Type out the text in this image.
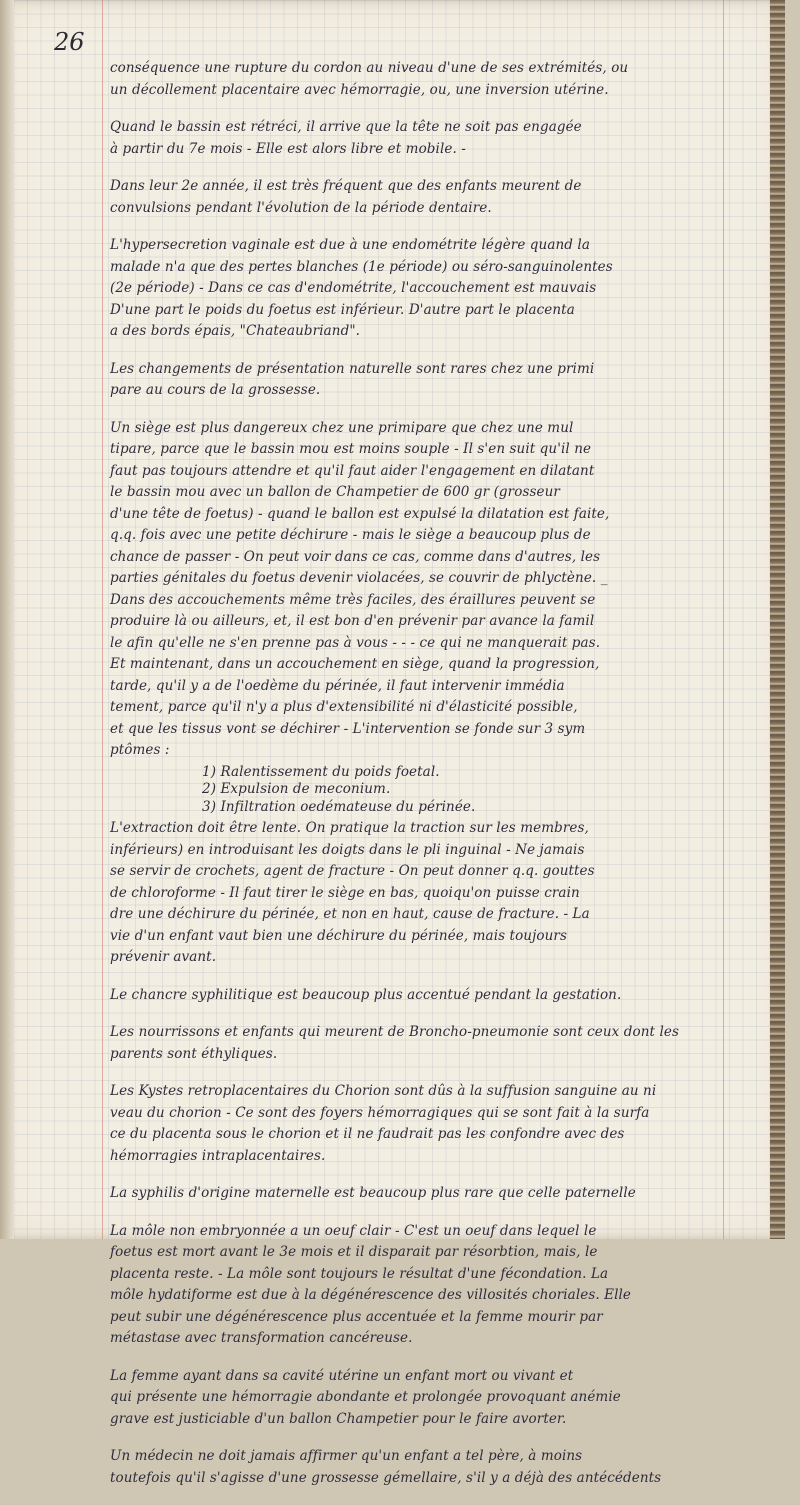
26

conséquence une rupture du cordon au niveau d'une de ses extrémités, ou
un décollement placentaire avec hémorragie, ou, une inversion utérine.

Quand le bassin est rétréci, il arrive que la tête ne soit pas engagée
à partir du 7e mois - Elle est alors libre et mobile. -

Dans leur 2e année, il est très fréquent que des enfants meurent de
convulsions pendant l'évolution de la période dentaire.

L'hypersecretion vaginale est due à une endométrite légère quand la
malade n'a que des pertes blanches (1e période) ou séro-sanguinolentes
(2e période) - Dans ce cas d'endométrite, l'accouchement est mauvais
D'une part le poids du foetus est inférieur. D'autre part le placenta
a des bords épais, "Chateaubriand".

Les changements de présentation naturelle sont rares chez une primi
pare au cours de la grossesse.

Un siège est plus dangereux chez une primipare que chez une mul
tipare, parce que le bassin mou est moins souple - Il s'en suit qu'il ne
faut pas toujours attendre et qu'il faut aider l'engagement en dilatant
le bassin mou avec un ballon de Champetier de 600 gr (grosseur
d'une tête de foetus) - quand le ballon est expulsé la dilatation est faite,
q.q. fois avec une petite déchirure - mais le siège a beaucoup plus de
chance de passer - On peut voir dans ce cas, comme dans d'autres, les
parties génitales du foetus devenir violacées, se couvrir de phlyctène. _
Dans des accouchements même très faciles, des éraillures peuvent se
produire là ou ailleurs, et, il est bon d'en prévenir par avance la famil
le afin qu'elle ne s'en prenne pas à vous - - - ce qui ne manquerait pas.
Et maintenant, dans un accouchement en siège, quand la progression,
tarde, qu'il y a de l'oedème du périnée, il faut intervenir immédia
tement, parce qu'il n'y a plus d'extensibilité ni d'élasticité possible,
et que les tissus vont se déchirer - L'intervention se fonde sur 3 sym
ptômes :

1) Ralentissement du poids foetal.
2) Expulsion de meconium.
3) Infiltration oedémateuse du périnée.

L'extraction doit être lente. On pratique la traction sur les membres,
inférieurs) en introduisant les doigts dans le pli inguinal - Ne jamais
se servir de crochets, agent de fracture - On peut donner q.q. gouttes
de chloroforme - Il faut tirer le siège en bas, quoiqu'on puisse crain
dre une déchirure du périnée, et non en haut, cause de fracture. - La
vie d'un enfant vaut bien une déchirure du périnée, mais toujours
prévenir avant.

Le chancre syphilitique est beaucoup plus accentué pendant la gestation.

Les nourrissons et enfants qui meurent de Broncho-pneumonie sont ceux dont les
parents sont éthyliques.

Les Kystes retroplacentaires du Chorion sont dûs à la suffusion sanguine au ni
veau du chorion - Ce sont des foyers hémorragiques qui se sont fait à la surfa
ce du placenta sous le chorion et il ne faudrait pas les confondre avec des
hémorragies intraplacentaires.

La syphilis d'origine maternelle est beaucoup plus rare que celle paternelle

La môle non embryonnée a un oeuf clair - C'est un oeuf dans lequel le
foetus est mort avant le 3e mois et il disparait par résorbtion, mais, le
placenta reste. - La môle sont toujours le résultat d'une fécondation. La
môle hydatiforme est due à la dégénérescence des villosités choriales. Elle
peut subir une dégénérescence plus accentuée et la femme mourir par
métastase avec transformation cancéreuse.

La femme ayant dans sa cavité utérine un enfant mort ou vivant et
qui présente une hémorragie abondante et prolongée provoquant anémie
grave est justiciable d'un ballon Champetier pour le faire avorter.

Un médecin ne doit jamais affirmer qu'un enfant a tel père, à moins
toutefois qu'il s'agisse d'une grossesse gémellaire, s'il y a déjà des antécédents
